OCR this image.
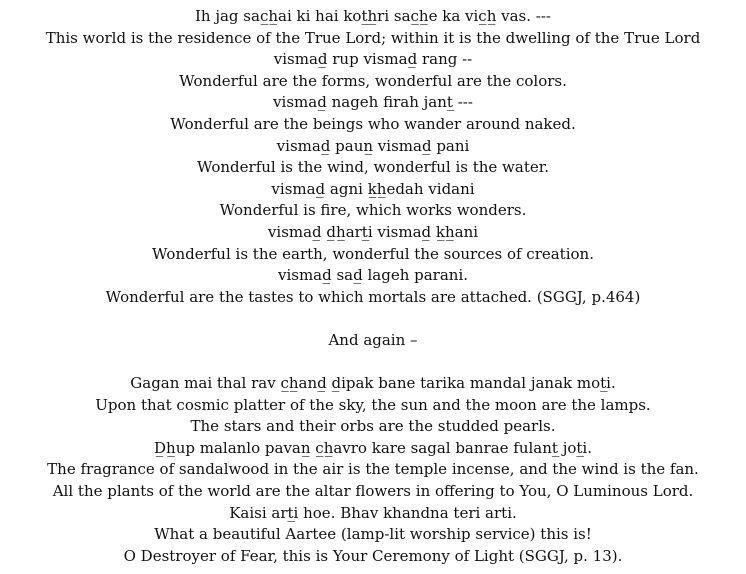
Ih jag sac̲h̲ai ki hai kot̲h̲ri sac̲h̲e ka vic̲h̲ vas. ---
This world is the residence of the True Lord; within it is the dwelling of the True Lord
vismad̲ rup vismad̲ rang --
Wonderful are the forms, wonderful are the colors.
vismad̲ nageh firah jant̲ ---
Wonderful are the beings who wander around naked.
vismad̲ paun̲ vismad̲ pani
Wonderful is the wind, wonderful is the water.
vismad̲ agni k̲h̲edah vidani
Wonderful is fire, which works wonders.
vismad̲ d̲h̲art̲i vismad̲ k̲h̲ani
Wonderful is the earth, wonderful the sources of creation.
vismad̲ sad̲ lageh parani.
Wonderful are the tastes to which mortals are attached. (SGGJ, p.464)
And again –
Gagan mai thal rav c̲h̲and̲ d̲ipak bane tarika mandal janak mot̲i.
Upon that cosmic platter of the sky, the sun and the moon are the lamps.
The stars and their orbs are the studded pearls.
D̲h̲up malanlo pavan̲ c̲h̲avro kare sagal banrae fulant̲ jot̲i.
The fragrance of sandalwood in the air is the temple incense, and the wind is the fan.
All the plants of the world are the altar flowers in offering to You, O Luminous Lord.
Kaisi art̲i hoe. Bhav khandna teri arti.
What a beautiful Aartee (lamp-lit worship service) this is!
O Destroyer of Fear, this is Your Ceremony of Light (SGGJ, p. 13).
